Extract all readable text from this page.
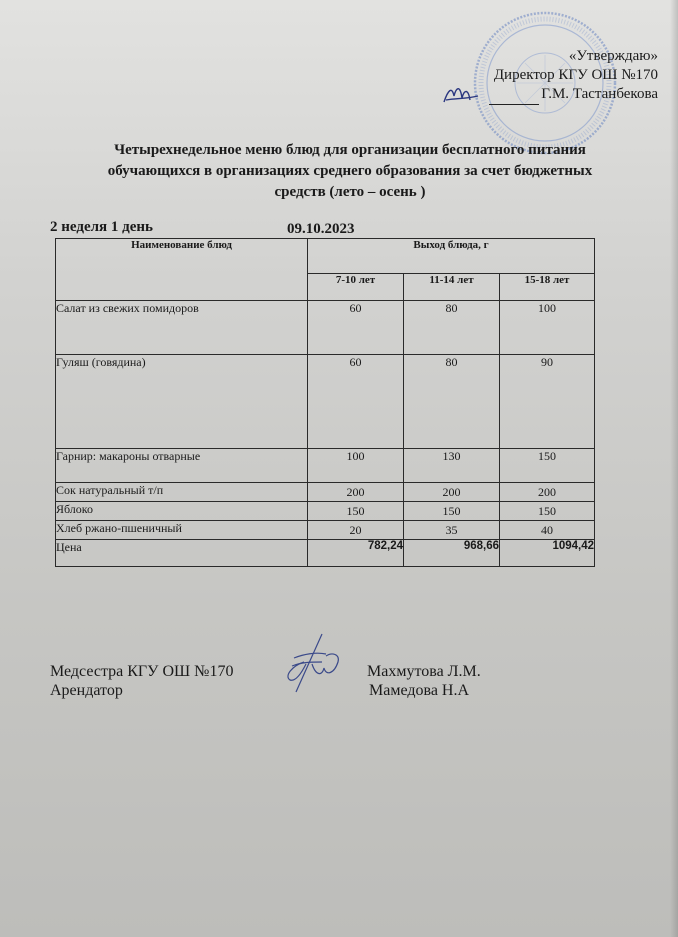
«Утверждаю»
Директор КГУ ОШ №170
Г.М. Тастанбекова
Четырехнедельное меню блюд для организации бесплатного питания
обучающихся в организациях среднего образования за счет бюджетных
средств (лето – осень )
2 неделя 1 день	09.10.2023
Наименование блюд	Выход блюда, г		
	7-10 лет	11-14 лет	15-18 лет
Салат из свежих помидоров	60	80	100
Гуляш (говядина)	60	80	90
Гарнир: макароны отварные	100	130	150
Сок натуральный т/п	200	200	200
Яблоко	150	150	150
Хлеб ржано-пшеничный	20	35	40
Цена	782,24	968,66	1094,42
Медсестра КГУ ОШ №170	Махмутова Л.М.
Арендатор	Мамедова Н.А
